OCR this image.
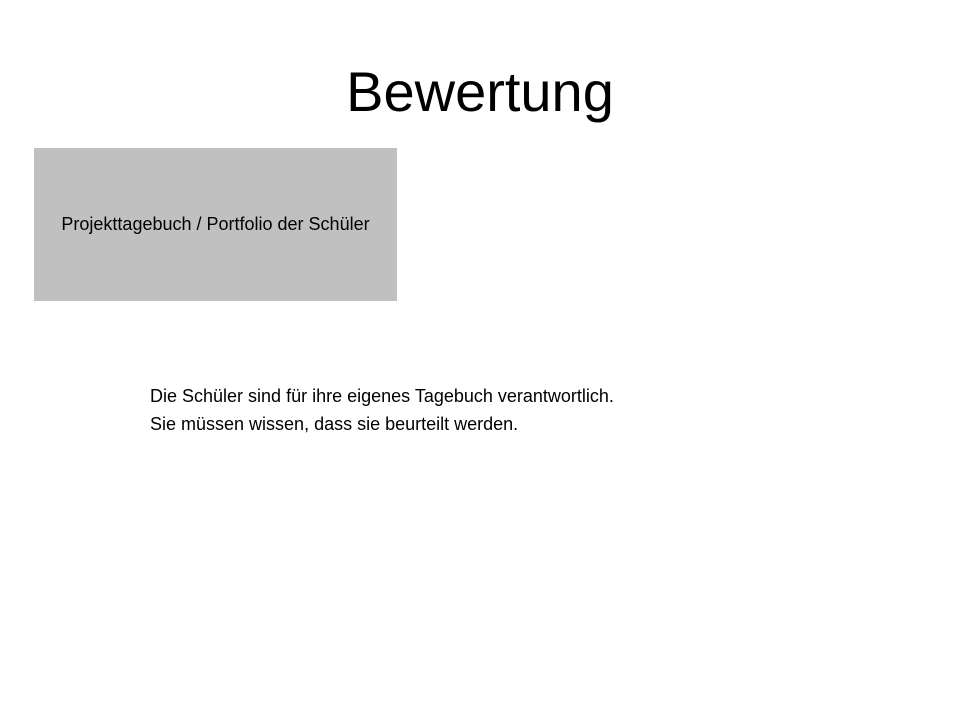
Bewertung
Projekttagebuch / Portfolio der Schüler
Die Schüler sind für ihre eigenes Tagebuch verantwortlich.
Sie müssen wissen, dass sie beurteilt werden.
